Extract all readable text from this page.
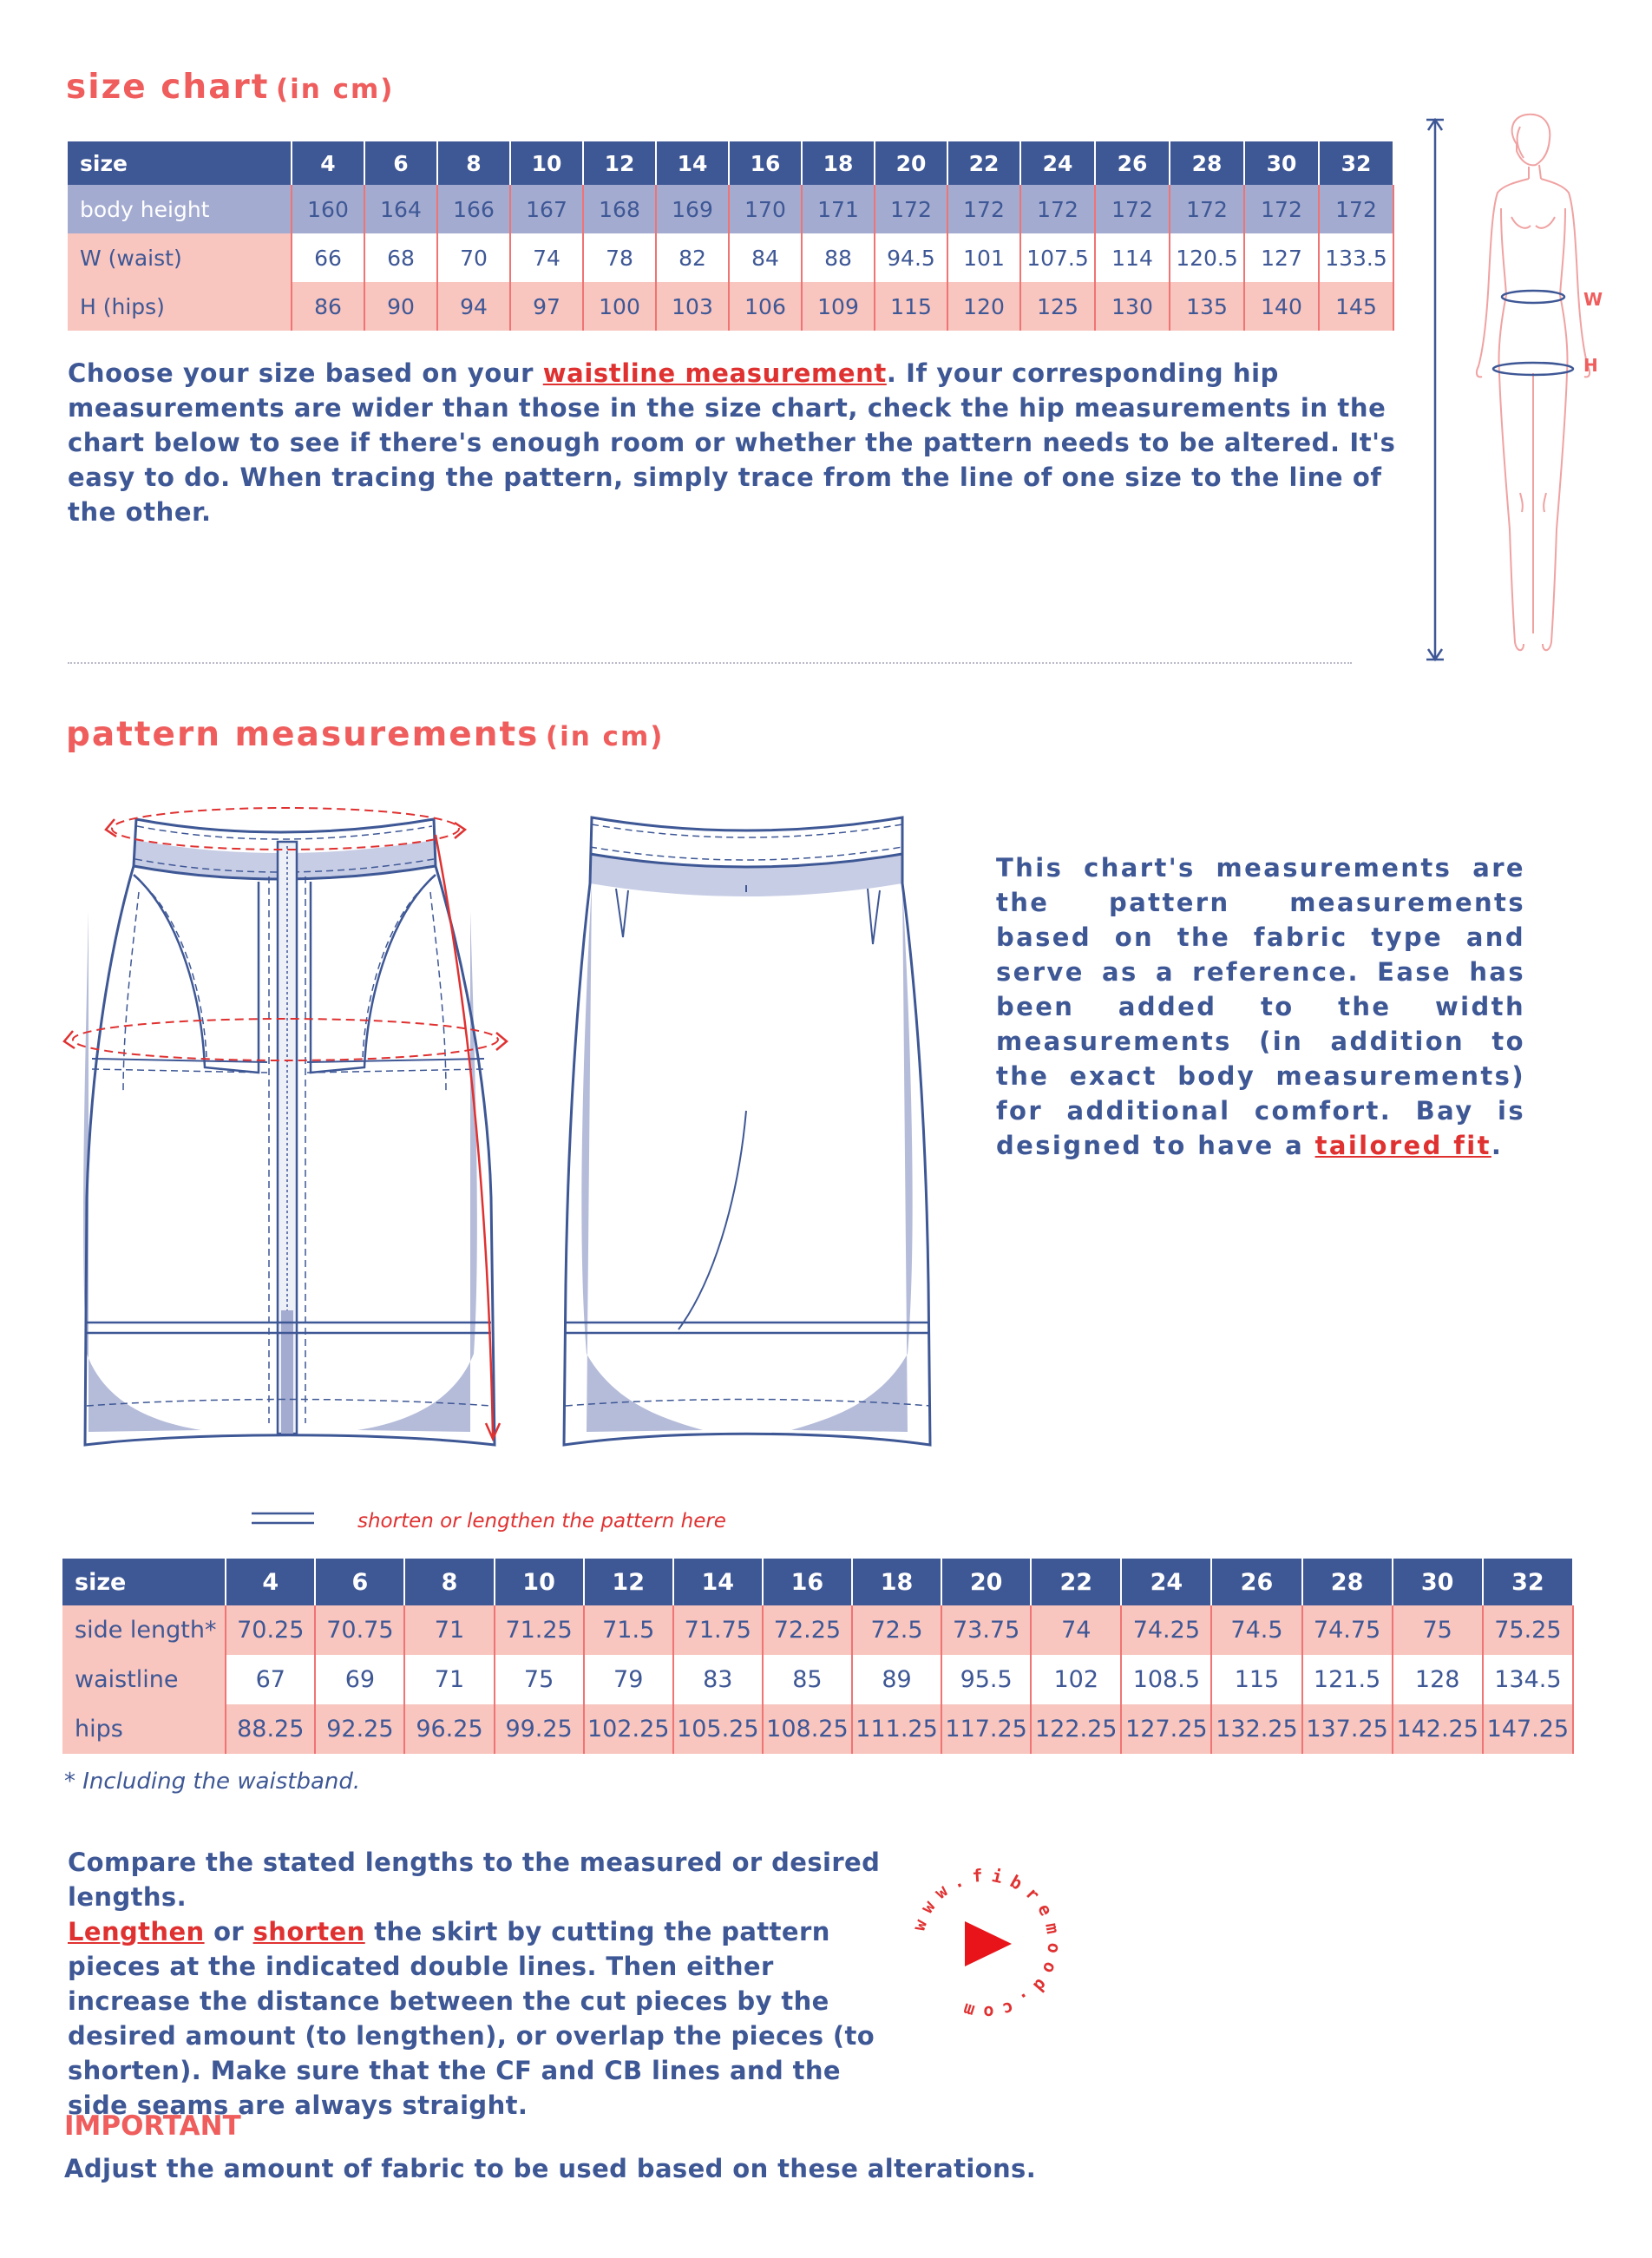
size chart (in cm)
size	4	6	8	10	12	14	16	18	20	22	24	26	28	30	32
body height	160	164	166	167	168	169	170	171	172	172	172	172	172	172	172
W (waist)	66	68	70	74	78	82	84	88	94.5	101	107.5	114	120.5	127	133.5
H (hips)	86	90	94	97	100	103	106	109	115	120	125	130	135	140	145
Choose your size based on your waistline measurement. If your corresponding hip measurements are wider than those in the size chart, check the hip measurements in the chart below to see if there's enough room or whether the pattern needs to be altered. It's easy to do. When tracing the pattern, simply trace from the line of one size to the line of the other.
W
H
pattern measurements (in cm)
This chart's measurements are the pattern measurements based on the fabric type and serve as a reference. Ease has been added to the width measurements (in addition to the exact body measurements) for additional comfort. Bay is designed to have a tailored fit.
shorten or lengthen the pattern here
size	4	6	8	10	12	14	16	18	20	22	24	26	28	30	32
side length*	70.25	70.75	71	71.25	71.5	71.75	72.25	72.5	73.75	74	74.25	74.5	74.75	75	75.25
waistline	67	69	71	75	79	83	85	89	95.5	102	108.5	115	121.5	128	134.5
hips	88.25	92.25	96.25	99.25	102.25	105.25	108.25	111.25	117.25	122.25	127.25	132.25	137.25	142.25	147.25
* Including the waistband.
Compare the stated lengths to the measured or desired lengths.
Lengthen or shorten the skirt by cutting the pattern pieces at the indicated double lines. Then either increase the distance between the cut pieces by the desired amount (to lengthen), or overlap the pieces (to shorten). Make sure that the CF and CB lines and the side seams are always straight.
www.fibremood.com
IMPORTANT
Adjust the amount of fabric to be used based on these alterations.
